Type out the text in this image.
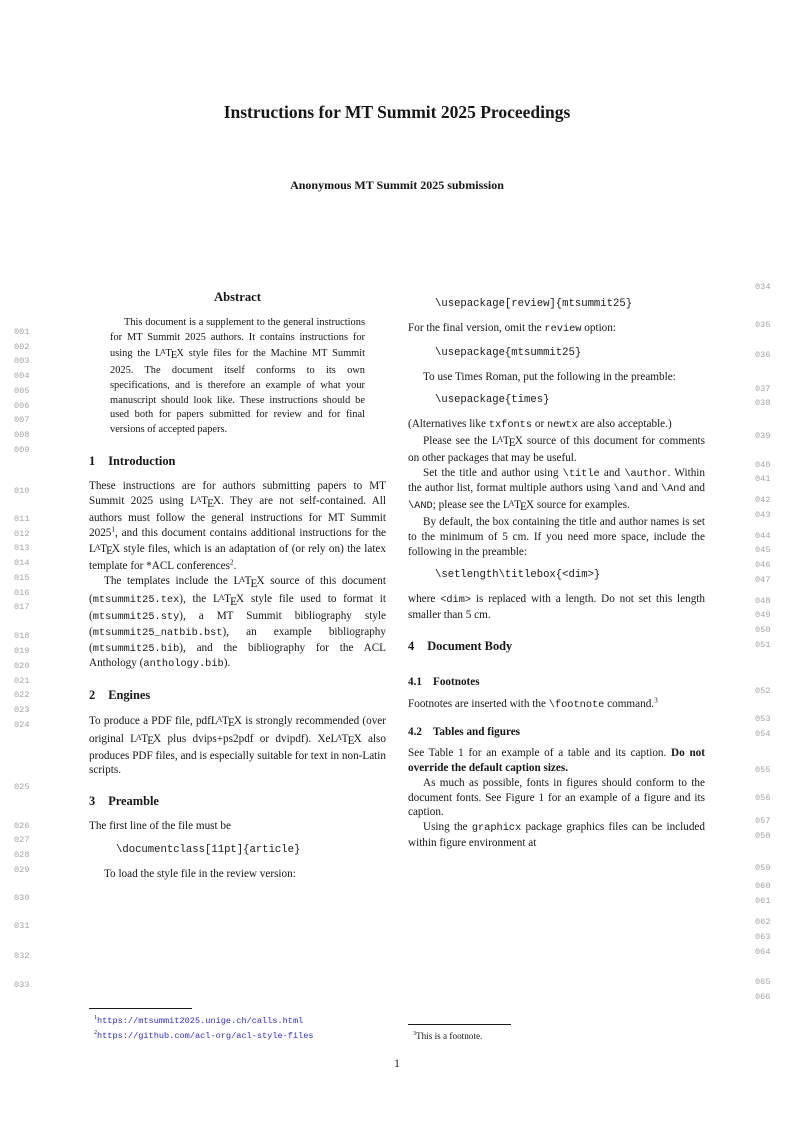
Instructions for MT Summit 2025 Proceedings
Anonymous MT Summit 2025 submission
Abstract

This document is a supplement to the general instructions for MT Summit 2025 authors. It contains instructions for using the LATEX style files for the Machine MT Summit 2025. The document itself conforms to its own specifications, and is therefore an example of what your manuscript should look like. These instructions should be used both for papers submitted for review and for final versions of accepted papers.

1 Introduction

These instructions are for authors submitting papers to MT Summit 2025 using LATEX. They are not self-contained. All authors must follow the general instructions for MT Summit 2025$^1$, and this document contains additional instructions for the LATEX style files, which is an adaptation of (or rely on) the latex template for *ACL conferences$^2$.

The templates include the LATEX source of this document (mtsummit25.tex), the LATEX style file used to format it (mtsummit25.sty), a MT Summit bibliography style (mtsummit25_natbib.bst), an example bibliography (mtsummit25.bib), and the bibliography for the ACL Anthology (anthology.bib).

2 Engines

To produce a PDF file, pdfLATEX is strongly recommended (over original LATEX plus dvips+ps2pdf or dvipdf). XeLATEX also produces PDF files, and is especially suitable for text in non-Latin scripts.

3 Preamble

The first line of the file must be

\documentclass[11pt]{article}

To load the style file in the review version:

$^1$https://mtsummit2025.unige.ch/calls.html
$^2$https://github.com/acl-org/acl-style-files
\usepackage[review]{mtsummit25}

For the final version, omit the review option:

\usepackage{mtsummit25}

To use Times Roman, put the following in the preamble:

\usepackage{times}

(Alternatives like txfonts or newtx are also acceptable.)

Please see the LATEX source of this document for comments on other packages that may be useful.

Set the title and author using \title and \author. Within the author list, format multiple authors using \and and \And and \AND; please see the LATEX source for examples.

By default, the box containing the title and author names is set to the minimum of 5 cm. If you need more space, include the following in the preamble:

\setlength\titlebox{<dim>}

where <dim> is replaced with a length. Do not set this length smaller than 5 cm.

4 Document Body
4.1 Footnotes

Footnotes are inserted with the \footnote command.$^3$

4.2 Tables and figures

See Table 1 for an example of a table and its caption. Do not override the default caption sizes.

As much as possible, fonts in figures should conform to the document fonts. See Figure 1 for an example of a figure and its caption.

Using the graphicx package graphics files can be included within figure environment at

$^3$This is a footnote.
001
002
003
004
005
006
007
008
009
010
011
012
013
014
015
016
017
018
019
020
021
022
023
024
025
026
027
028
029
030
031
032
033
034
035
036
037
038
039
040
041
042
043
044
045
046
047
048
049
050
051
052
053
054
055
056
057
058
059
060
061
062
063
064
065
066
1
